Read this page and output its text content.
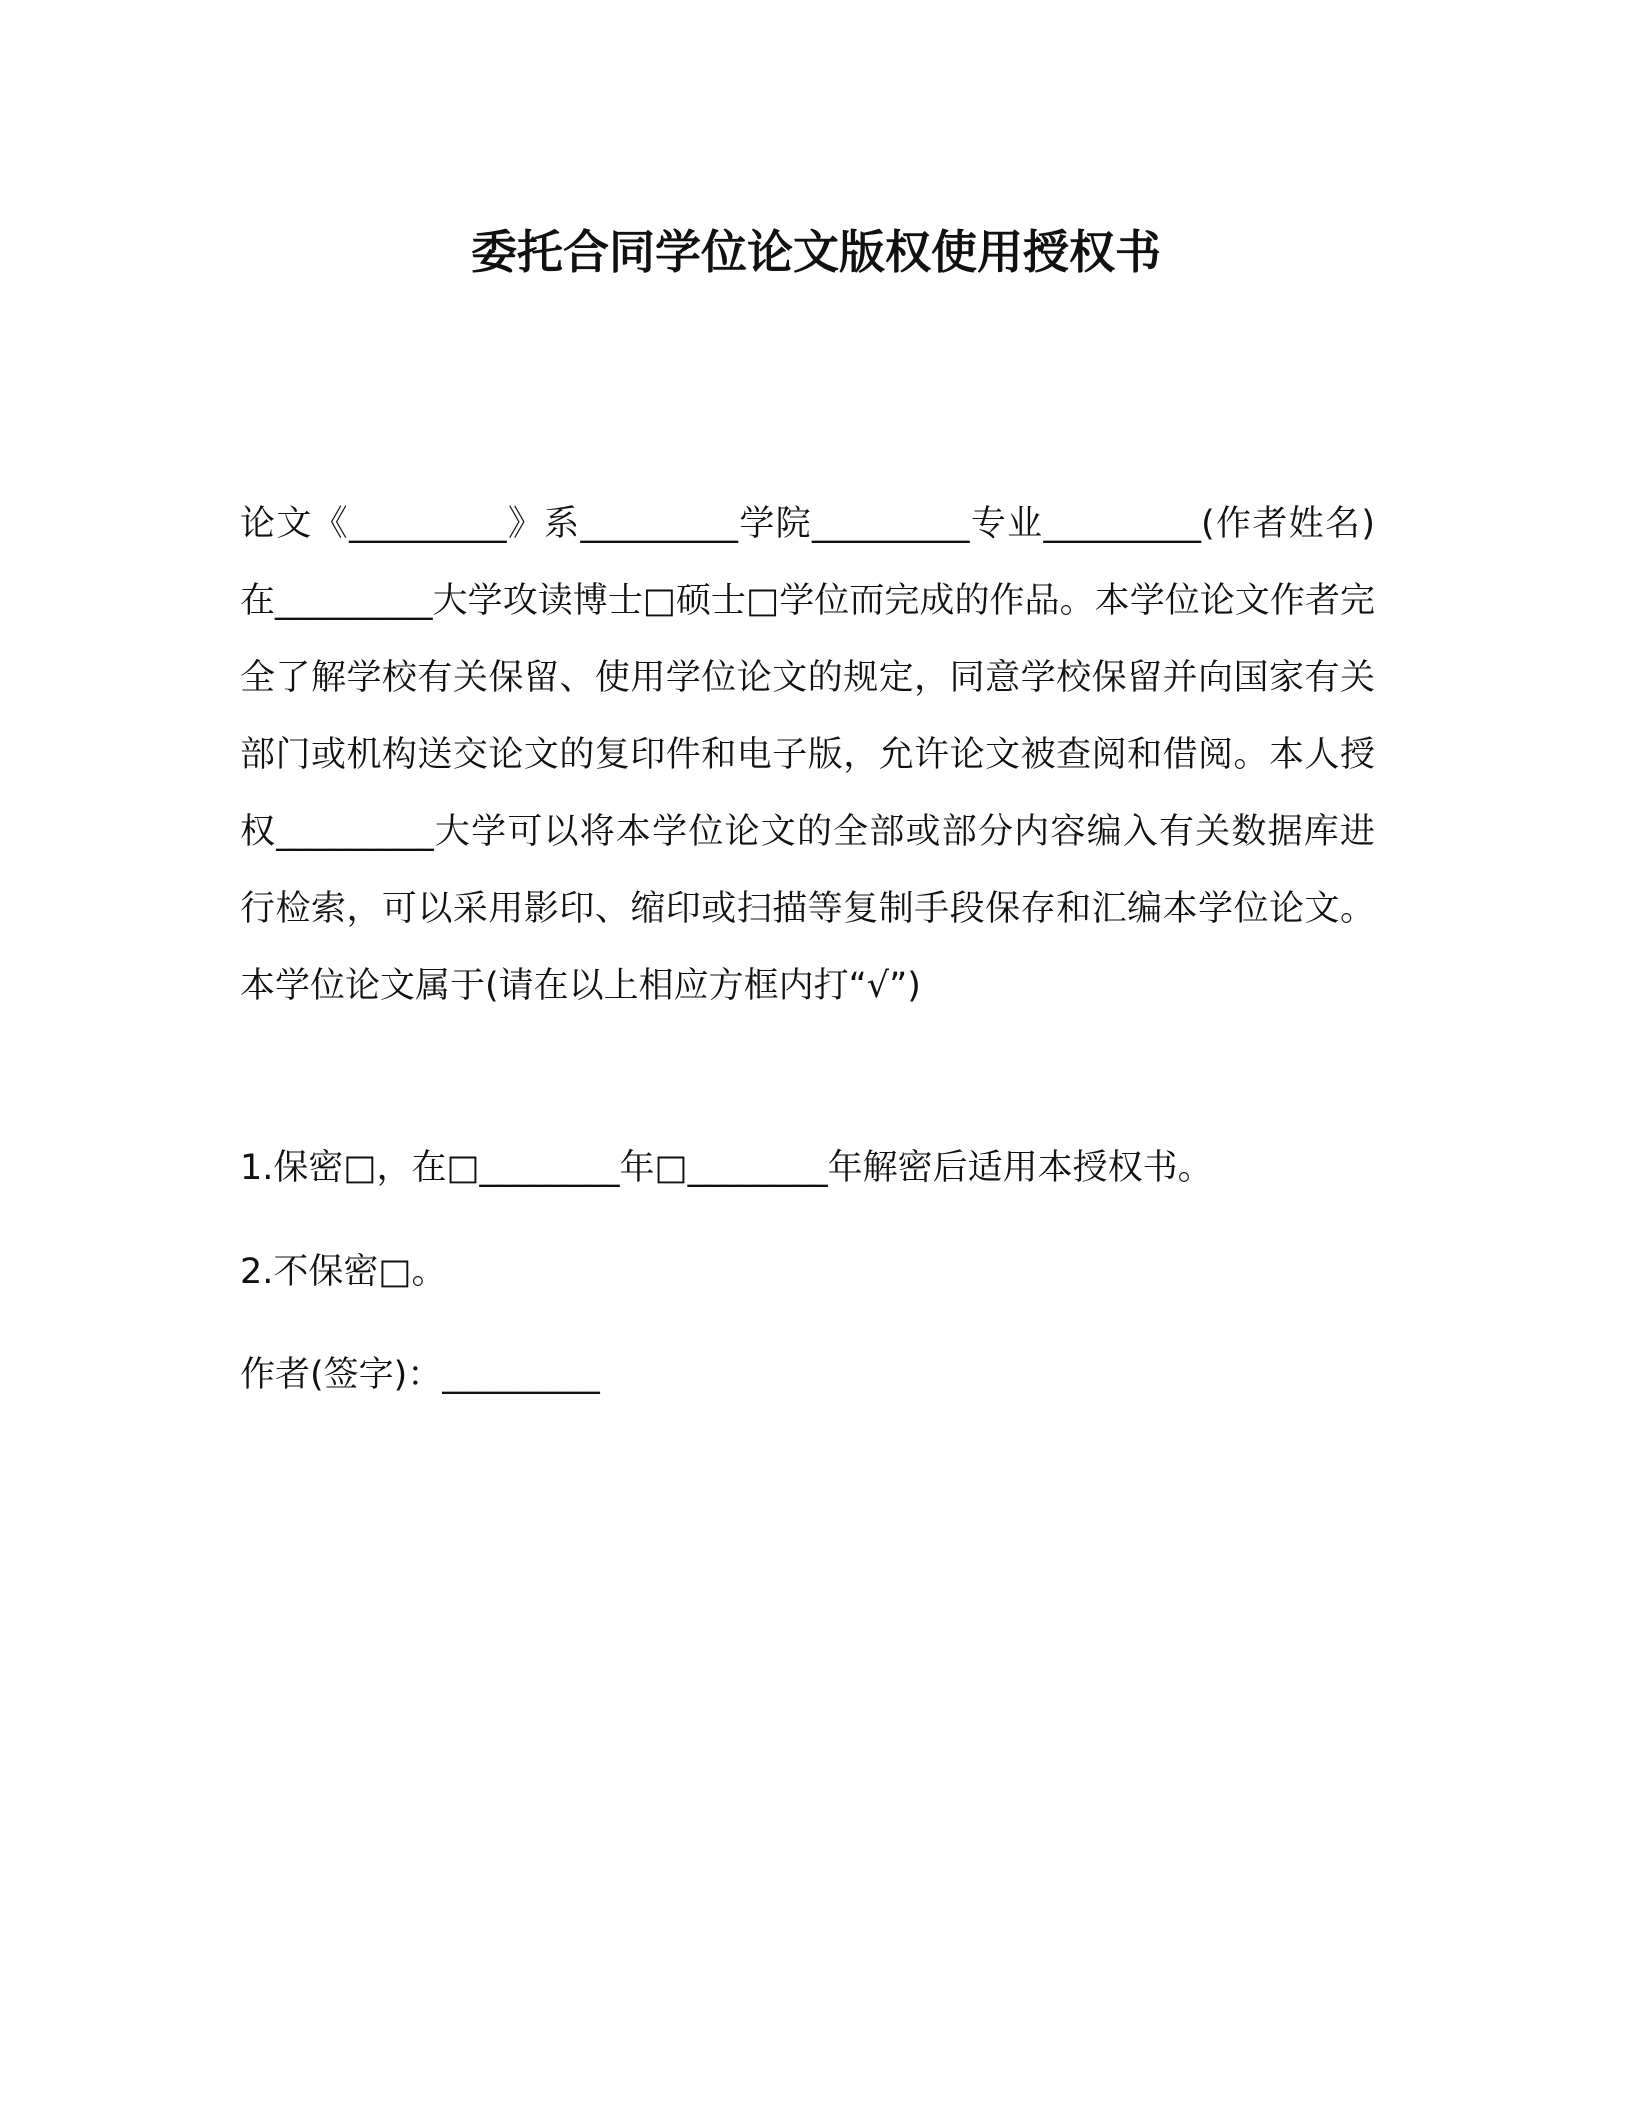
委托合同学位论文版权使用授权书
论文《_________》系_________学院_________专业_________(作者姓名)在_________大学攻读博士□硕士□学位而完成的作品。本学位论文作者完全了解学校有关保留、使用学位论文的规定，同意学校保留并向国家有关部门或机构送交论文的复印件和电子版，允许论文被查阅和借阅。本人授权_________大学可以将本学位论文的全部或部分内容编入有关数据库进行检索，可以采用影印、缩印或扫描等复制手段保存和汇编本学位论文。本学位论文属于(请在以上相应方框内打“√”)
1.保密□，在□________年□________年解密后适用本授权书。
2.不保密□。
作者(签字)：_________
